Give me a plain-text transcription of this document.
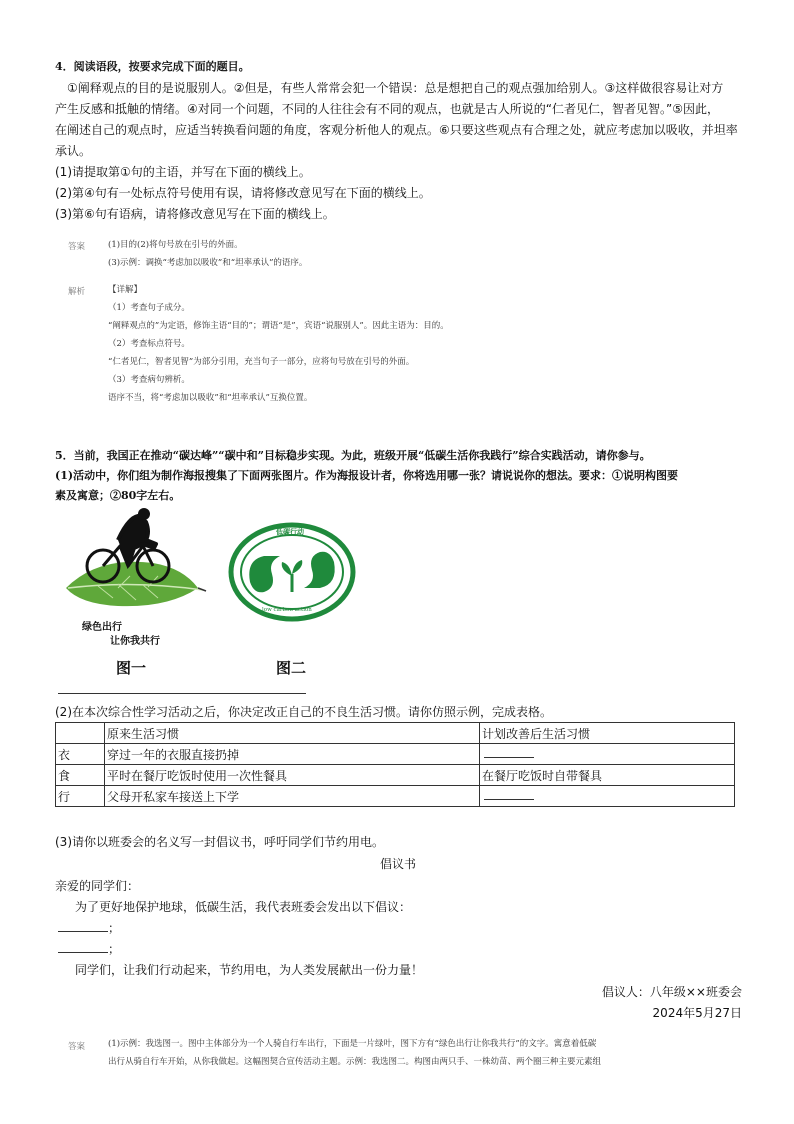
4．阅读语段，按要求完成下面的题目。
①阐释观点的目的是说服别人。②但是，有些人常常会犯一个错误：总是想把自己的观点强加给别人。③这样做很容易让对方
产生反感和抵触的情绪。④对同一个问题，不同的人往往会有不同的观点，也就是古人所说的“仁者见仁，智者见智。”⑤因此，
在阐述自己的观点时，应适当转换看问题的角度，客观分析他人的观点。⑥只要这些观点有合理之处，就应考虑加以吸收，并坦率
承认。
(1)请提取第①句的主语，并写在下面的横线上。
(2)第④句有一处标点符号使用有误，请将修改意见写在下面的横线上。
(3)第⑥句有语病，请将修改意见写在下面的横线上。
答案	(1)目的(2)将句号放在引号的外面。
(3)示例：调换“考虑加以吸收”和“坦率承认”的语序。
解析	【详解】
（1）考查句子成分。
“阐释观点的”为定语，修饰主语“目的”；谓语“是”，宾语“说服别人”。因此主语为：目的。
（2）考查标点符号。
“仁者见仁，智者见智”为部分引用，充当句子一部分，应将句号放在引号的外面。
（3）考查病句辨析。
语序不当，将“考虑加以吸收”和“坦率承认”互换位置。
5．当前，我国正在推动“碳达峰”“碳中和”目标稳步实现。为此，班级开展“低碳生活你我践行”综合实践活动，请你参与。
(1)活动中，你们组为制作海报搜集了下面两张图片。作为海报设计者，你将选用哪一张？请说说你的想法。要求：①说明构图要
素及寓意；②80字左右。
绿色出行
让你我共行
图一
低碳行动
low carbon action
图二
(2)在本次综合性学习活动之后，你决定改正自己的不良生活习惯。请你仿照示例，完成表格。
	原来生活习惯	计划改善后生活习惯
衣	穿过一年的衣服直接扔掉	
食	平时在餐厅吃饭时使用一次性餐具	在餐厅吃饭时自带餐具
行	父母开私家车接送上下学	
(3)请你以班委会的名义写一封倡议书，呼吁同学们节约用电。
倡议书
亲爱的同学们：
为了更好地保护地球，低碳生活，我代表班委会发出以下倡议：
；
；
同学们，让我们行动起来，节约用电，为人类发展献出一份力量！
倡议人：八年级××班委会
2024年5月27日
答案	(1)示例：我选图一。图中主体部分为一个人骑自行车出行，下面是一片绿叶，图下方有“绿色出行让你我共行”的文字。寓意着低碳
出行从骑自行车开始，从你我做起。这幅图契合宣传活动主题。示例：我选图二。构图由两只手、一株幼苗、两个圈三种主要元素组
